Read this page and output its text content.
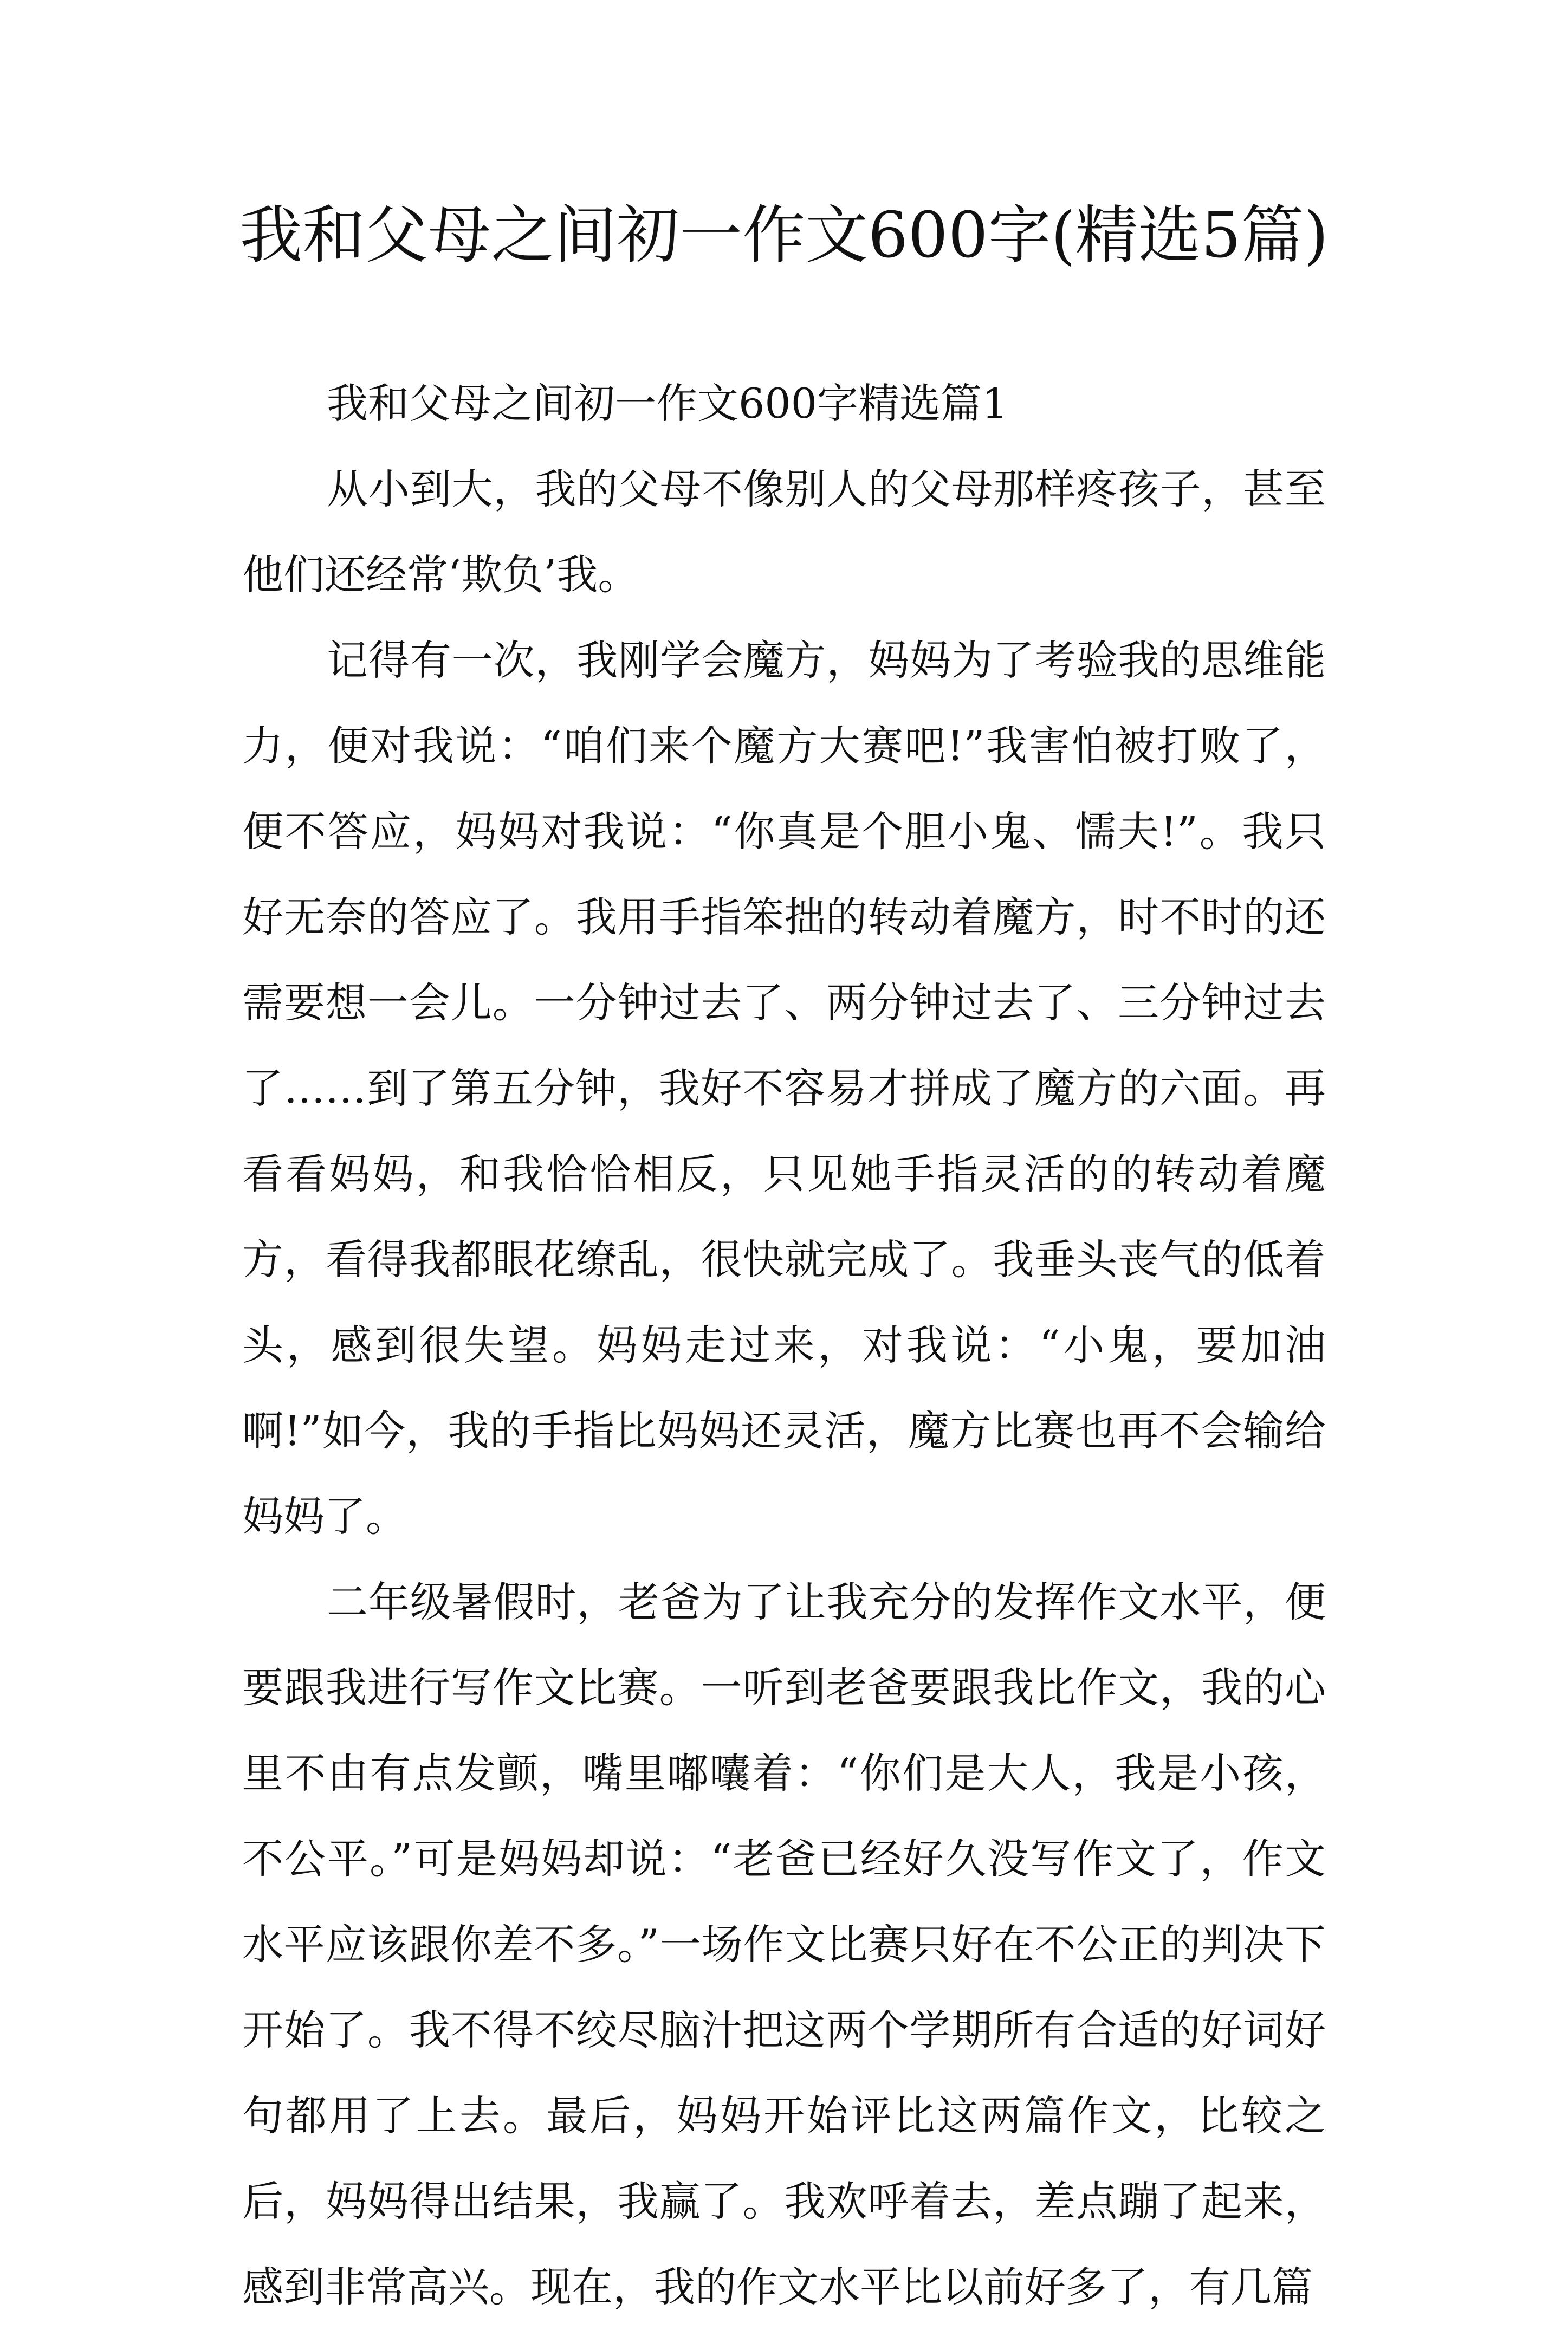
我和父母之间初一作文600字(精选5篇)

我和父母之间初一作文600字精选篇1

从小到大，我的父母不像别人的父母那样疼孩子，甚至他们还经常‘欺负’我。

记得有一次，我刚学会魔方，妈妈为了考验我的思维能力，便对我说：“咱们来个魔方大赛吧!”我害怕被打败了，便不答应，妈妈对我说：“你真是个胆小鬼、懦夫!”。我只好无奈的答应了。我用手指笨拙的转动着魔方，时不时的还需要想一会儿。一分钟过去了、两分钟过去了、三分钟过去了……到了第五分钟，我好不容易才拼成了魔方的六面。再看看妈妈，和我恰恰相反，只见她手指灵活的的转动着魔方，看得我都眼花缭乱，很快就完成了。我垂头丧气的低着头，感到很失望。妈妈走过来，对我说：“小鬼，要加油啊!”如今，我的手指比妈妈还灵活，魔方比赛也再不会输给妈妈了。

二年级暑假时，老爸为了让我充分的发挥作文水平，便要跟我进行写作文比赛。一听到老爸要跟我比作文，我的心里不由有点发颤，嘴里嘟囔着：“你们是大人，我是小孩，不公平。”可是妈妈却说：“老爸已经好久没写作文了，作文水平应该跟你差不多。”一场作文比赛只好在不公正的判决下开始了。我不得不绞尽脑汁把这两个学期所有合适的好词好句都用了上去。最后，妈妈开始评比这两篇作文，比较之后，妈妈得出结果，我赢了。我欢呼着去，差点蹦了起来，感到非常高兴。现在，我的作文水平比以前好多了，有几篇
